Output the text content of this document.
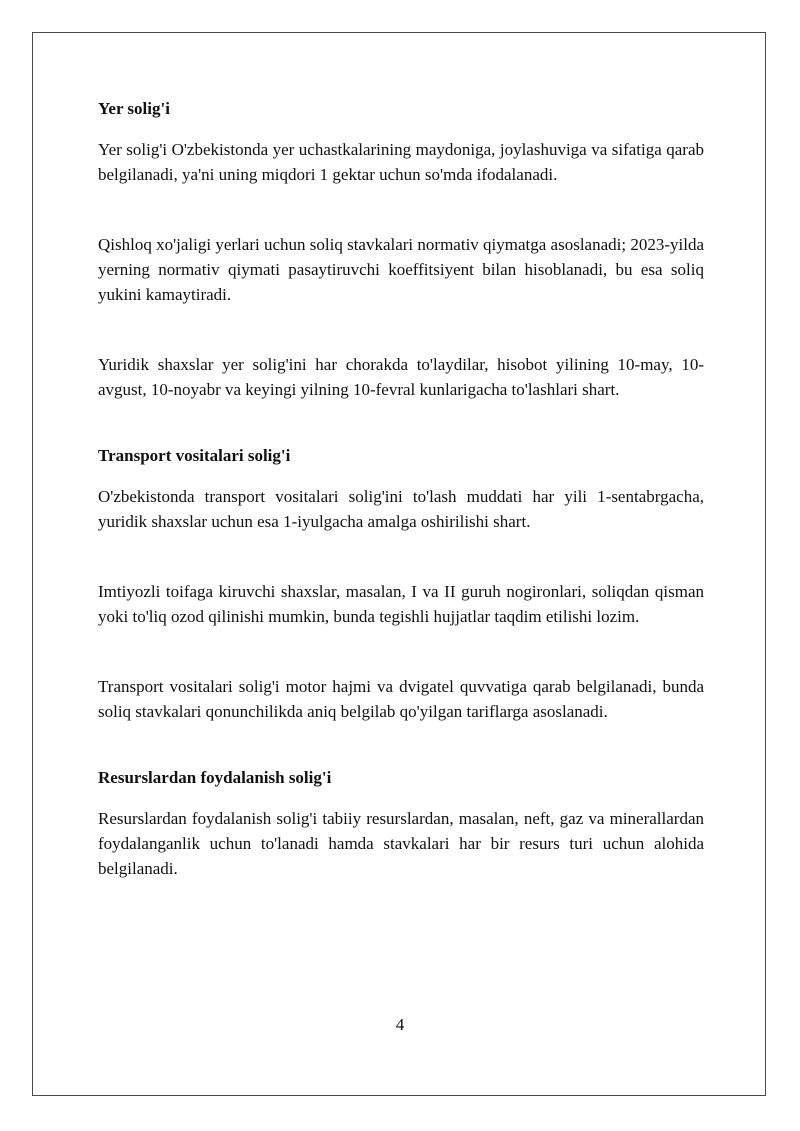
Yer solig'i

Yer solig'i O'zbekistonda yer uchastkalarining maydoniga, joylashuviga va sifatiga qarab belgilanadi, ya'ni uning miqdori 1 gektar uchun so'mda ifodalanadi.

Qishloq xo'jaligi yerlari uchun soliq stavkalari normativ qiymatga asoslanadi; 2023-yilda yerning normativ qiymati pasaytiruvchi koeffitsiyent bilan hisoblanadi, bu esa soliq yukini kamaytiradi.

Yuridik shaxslar yer solig'ini har chorakda to'laydilar, hisobot yilining 10-may, 10-avgust, 10-noyabr va keyingi yilning 10-fevral kunlarigacha to'lashlari shart.

Transport vositalari solig'i

O'zbekistonda transport vositalari solig'ini to'lash muddati har yili 1-sentabrgacha, yuridik shaxslar uchun esa 1-iyulgacha amalga oshirilishi shart.

Imtiyozli toifaga kiruvchi shaxslar, masalan, I va II guruh nogironlari, soliqdan qisman yoki to'liq ozod qilinishi mumkin, bunda tegishli hujjatlar taqdim etilishi lozim.

Transport vositalari solig'i motor hajmi va dvigatel quvvatiga qarab belgilanadi, bunda soliq stavkalari qonunchilikda aniq belgilab qo'yilgan tariflarga asoslanadi.

Resurslardan foydalanish solig'i

Resurslardan foydalanish solig'i tabiiy resurslardan, masalan, neft, gaz va minerallardan foydalanganlik uchun to'lanadi hamda stavkalari har bir resurs turi uchun alohida belgilanadi.

4
